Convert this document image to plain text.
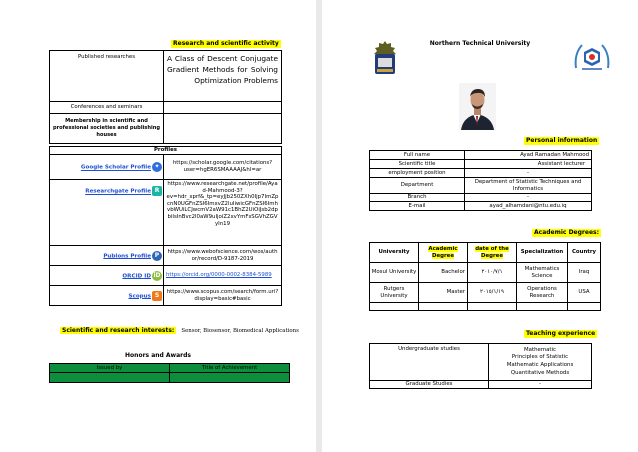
Research and scientific activity
Published researches	A Class of Descent Conjugate Gradient Methods for Solving Optimization Problems
Conferences and seminars	
Membership in scientific and professional societies and publishing houses	
Profiles	
Google Scholar Profile ✦	https://scholar.google.com/citations?user=hgER6SMAAAAJ&hl=ar
Researchgate Profile R	https://www.researchgate.net/profile/Ayad-Mahmood-3?ev=hdr_xprf&_tp=eyJjb250ZXh0Ijp7ImZpcnN0UGFnZSI6ImxvZ2luIiwicGFnZSI6ImhvbWUiLCJwcmV2aW91c1BhZ2UiOiJsb2dpbiIsInBvc2l0aW9uIjoiZ2xvYmFsSGVhZGVyIn19
Publons Profile P	https://www.webofscience.com/wos/author/record/D-9187-2019
ORCID ID iD	https://orcid.org/0000-0002-8384-5989
Scopus S	https://www.scopus.com/search/form.uri?display=basic#basic
Scientific and research interests: Sensor, Biosensor, Biomedical Applications
Honors and Awards
Issued by	Title of Achievement

Northern Technical University
Personal information
Full name	Ayad Ramadan Mahmood
Scientific title	Assistant lecturer
employment position	-
Department	Department of Statistic Techniques and Informatics
Branch	-
E-mail	ayad_alhamdani@ntu.edu.iq
Academic Degrees:
University	Academic Degree	date of the Degree	Specialization	Country
Mosul University	Bachelor	٢٠١٠/٧/١	Mathematics Science	Iraq
Rutgers University	Master	٢٠١٥/١/١٩	Operations Research	USA

Teaching experience
Undergraduate studies	Mathematic
Principles of Statistic
Mathematic Applications
Quantitative Methods

Graduate Studies	-
